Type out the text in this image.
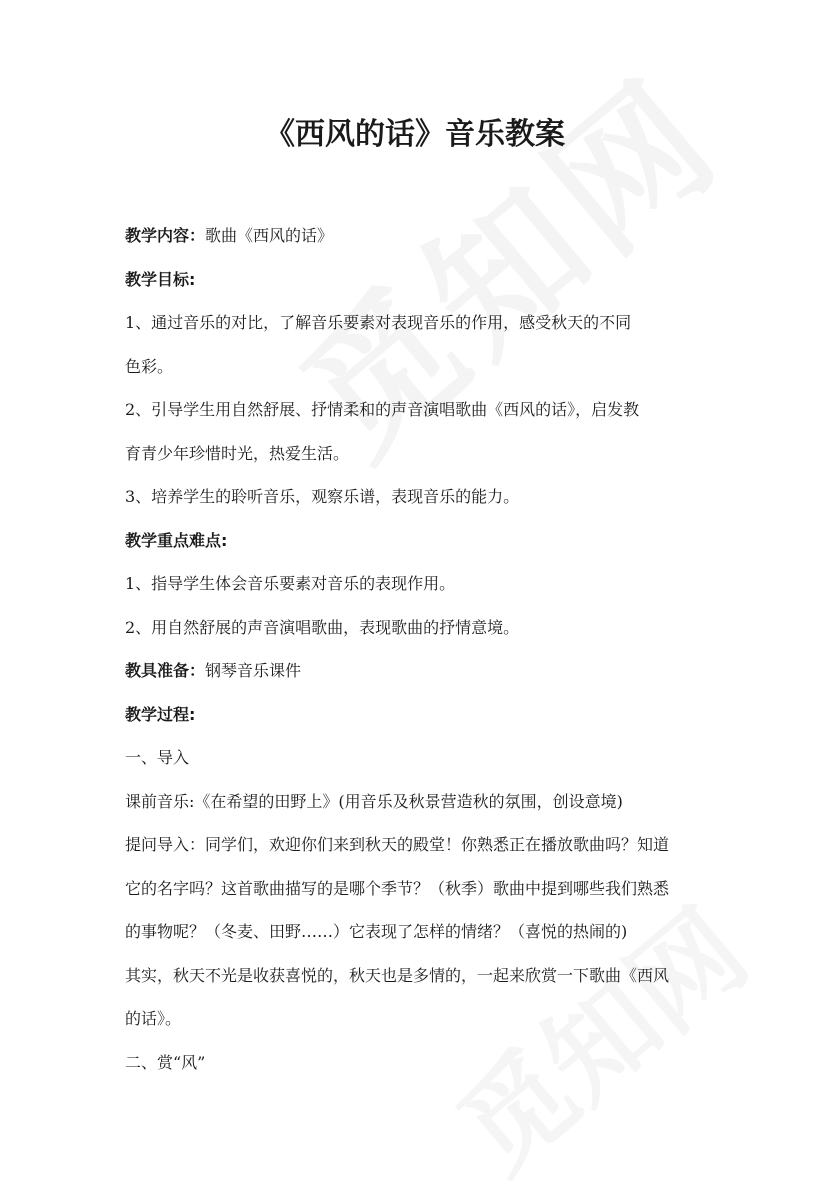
《西风的话》音乐教案
教学内容：歌曲《西风的话》
教学目标:
1、通过音乐的对比，了解音乐要素对表现音乐的作用，感受秋天的不同
色彩。
2、引导学生用自然舒展、抒情柔和的声音演唱歌曲《西风的话》，启发教
育青少年珍惜时光，热爱生活。
3、培养学生的聆听音乐，观察乐谱，表现音乐的能力。
教学重点难点:
1、指导学生体会音乐要素对音乐的表现作用。
2、用自然舒展的声音演唱歌曲，表现歌曲的抒情意境。
教具准备：钢琴音乐课件
教学过程:
一、导入
课前音乐:《在希望的田野上》(用音乐及秋景营造秋的氛围，创设意境)
提问导入：同学们，欢迎你们来到秋天的殿堂！你熟悉正在播放歌曲吗？知道
它的名字吗？这首歌曲描写的是哪个季节？（秋季）歌曲中提到哪些我们熟悉
的事物呢？（冬麦、田野……）它表现了怎样的情绪？（喜悦的热闹的)
其实，秋天不光是收获喜悦的，秋天也是多情的，一起来欣赏一下歌曲《西风
的话》。
二、赏“风”
